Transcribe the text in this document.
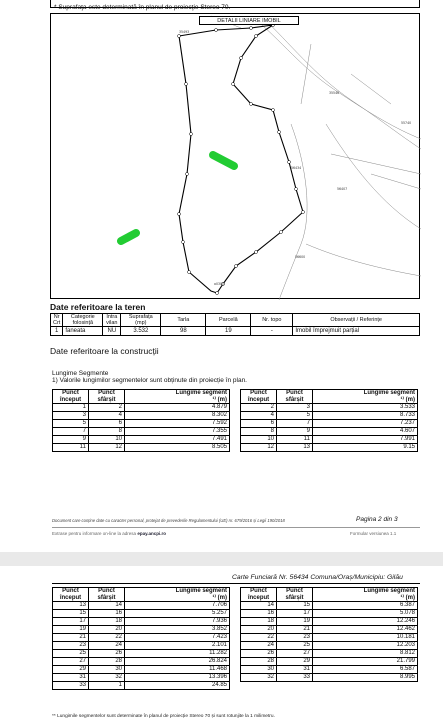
* Suprafaţa este determinată în planul de proiecţie Stereo 70.
35546
35493
55740
56434
56407
56600
a0300
DETALII LINIARE IMOBIL
Date referitoare la teren
Nr Crt	Categorie folosință	Intra vilan	Suprafața (mp)	Tarla	Parcelă	Nr. topo	Observații / Referințe
1	faneata	NU	3.532	98	19	-	Imobil împrejmuit parțial
Date referitoare la construcții
Lungime Segmente
1) Valorile lungimilor segmentelor sunt obținute din proiecție în plan.
Punct început	Punct sfârșit	Lungime segment
¹⁾ (m)
1	2	4.879
3	4	8.302
5	6	7.592
7	8	7.355
9	10	7.491
11	12	8.505
Punct început	Punct sfârșit	Lungime segment
¹⁾ (m)
2	3	3.533
4	5	8.733
6	7	7.237
8	9	4.607
10	11	7.991
12	13	9.15
Document care conține date cu caracter personal, protejat de prevederile Regulamentului (UE) nr. 679/2016 și Legii 190/2018	Pagina 2 din 3
Extrase pentru informare on-line la adresa epay.ancpi.ro	Formular versiunea 1.1
Carte Funciară Nr. 56434 Comuna/Oraș/Municipiu: Gilău
Punct început	Punct sfârșit	Lungime segment
¹⁾ (m)
13	14	7.706
15	16	5.257
17	18	7.936
19	20	3.852
21	22	7.423
23	24	2.101
25	26	11.282
27	28	26.824
29	30	11.468
31	32	13.396
33	1	24.85
Punct început	Punct sfârșit	Lungime segment
¹⁾ (m)
14	15	6.387
16	17	5.078
18	19	12.246
20	21	12.462
22	23	10.181
24	25	12.203
26	27	8.812
28	29	21.799
30	31	6.587
32	33	8.995
** Lungimile segmentelor sunt determinate în planul de proiecție Stereo 70 și sunt rotunjite la 1 milimetru.
